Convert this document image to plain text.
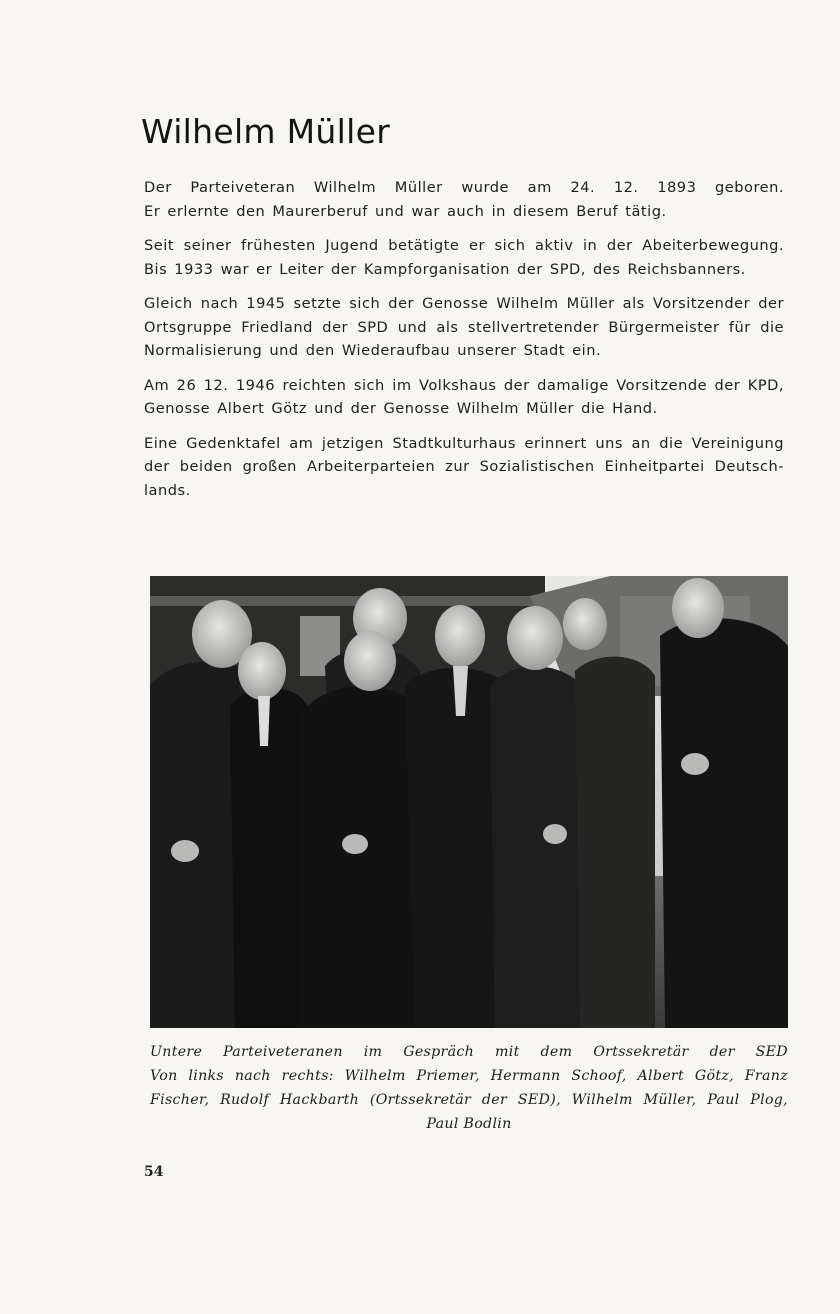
Wilhelm Müller

Der Parteiveteran Wilhelm Müller wurde am 24. 12. 1893 geboren.
Er erlernte den Maurerberuf und war auch in diesem Beruf tätig.

Seit seiner frühesten Jugend betätigte er sich aktiv in der Abeiterbewegung.
Bis 1933 war er Leiter der Kampforganisation der SPD, des Reichsbanners.

Gleich nach 1945 setzte sich der Genosse Wilhelm Müller als Vorsitzender der
Ortsgruppe Friedland der SPD und als stellvertretender Bürgermeister für die
Normalisierung und den Wiederaufbau unserer Stadt ein.

Am 26 12. 1946 reichten sich im Volkshaus der damalige Vorsitzende der KPD,
Genosse Albert Götz und der Genosse Wilhelm Müller die Hand.

Eine Gedenktafel am jetzigen Stadtkulturhaus erinnert uns an die Vereinigung
der beiden großen Arbeiterparteien zur Sozialistischen Einheitpartei Deutsch-
lands.

Untere Parteiveteranen im Gespräch mit dem Ortssekretär der SED
Von links nach rechts: Wilhelm Priemer, Hermann Schoof, Albert Götz, Franz
Fischer, Rudolf Hackbarth (Ortssekretär der SED), Wilhelm Müller, Paul Plog,
Paul Bodlin
54
